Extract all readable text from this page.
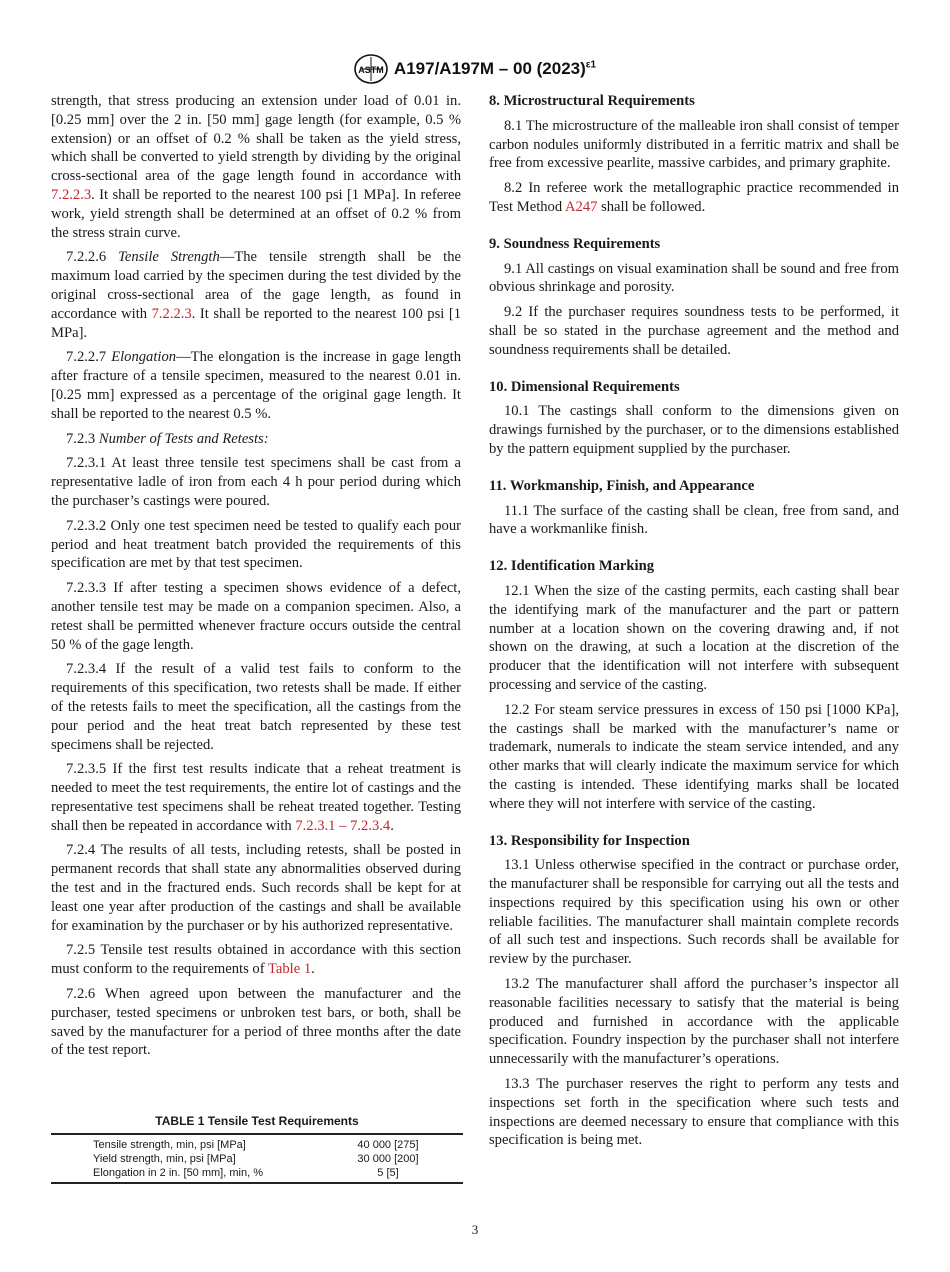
ASTM A197/A197M – 00 $(2023)^{\varepsilon 1}$

strength, that stress producing an extension under load of 0.01 in. [0.25 mm] over the 2 in. [50 mm] gage length (for example, 0.5 % extension) or an offset of 0.2 % shall be taken as the yield stress, which shall be converted to yield strength by dividing by the original cross-sectional area of the gage length found in accordance with 7.2.2.3. It shall be reported to the nearest 100 psi [1 MPa]. In referee work, yield strength shall be determined at an offset of 0.2 % from the stress strain curve.

7.2.2.6 Tensile Strength—The tensile strength shall be the maximum load carried by the specimen during the test divided by the original cross-sectional area of the gage length, as found in accordance with 7.2.2.3. It shall be reported to the nearest 100 psi [1 MPa].

7.2.2.7 Elongation—The elongation is the increase in gage length after fracture of a tensile specimen, measured to the nearest 0.01 in. [0.25 mm] expressed as a percentage of the original gage length. It shall be reported to the nearest 0.5 %.

7.2.3 Number of Tests and Retests:

7.2.3.1 At least three tensile test specimens shall be cast from a representative ladle of iron from each 4 h pour period during which the purchaser’s castings were poured.

7.2.3.2 Only one test specimen need be tested to qualify each pour period and heat treatment batch provided the requirements of this specification are met by that test specimen.

7.2.3.3 If after testing a specimen shows evidence of a defect, another tensile test may be made on a companion specimen. Also, a retest shall be permitted whenever fracture occurs outside the central 50 % of the gage length.

7.2.3.4 If the result of a valid test fails to conform to the requirements of this specification, two retests shall be made. If either of the retests fails to meet the specification, all the castings from the pour period and the heat treat batch represented by these test specimens shall be rejected.

7.2.3.5 If the first test results indicate that a reheat treatment is needed to meet the test requirements, the entire lot of castings and the representative test specimens shall be reheat treated together. Testing shall then be repeated in accordance with 7.2.3.1 – 7.2.3.4.

7.2.4 The results of all tests, including retests, shall be posted in permanent records that shall state any abnormalities observed during the test and in the fractured ends. Such records shall be kept for at least one year after production of the castings and shall be available for examination by the purchaser or by his authorized representative.

7.2.5 Tensile test results obtained in accordance with this section must conform to the requirements of Table 1.

7.2.6 When agreed upon between the manufacturer and the purchaser, tested specimens or unbroken test bars, or both, shall be saved by the manufacturer for a period of three months after the date of the test report.

TABLE 1 Tensile Test Requirements
Tensile strength, min, psi [MPa]	40 000 [275]
Yield strength, min, psi [MPa]	30 000 [200]
Elongation in 2 in. [50 mm], min, %	5 [5]
8. Microstructural Requirements

8.1 The microstructure of the malleable iron shall consist of temper carbon nodules uniformly distributed in a ferritic matrix and shall be free from excessive pearlite, massive carbides, and primary graphite.

8.2 In referee work the metallographic practice recommended in Test Method A247 shall be followed.

9. Soundness Requirements

9.1 All castings on visual examination shall be sound and free from obvious shrinkage and porosity.

9.2 If the purchaser requires soundness tests to be performed, it shall be so stated in the purchase agreement and the method and soundness requirements shall be detailed.

10. Dimensional Requirements

10.1 The castings shall conform to the dimensions given on drawings furnished by the purchaser, or to the dimensions established by the pattern equipment supplied by the purchaser.

11. Workmanship, Finish, and Appearance

11.1 The surface of the casting shall be clean, free from sand, and have a workmanlike finish.

12. Identification Marking

12.1 When the size of the casting permits, each casting shall bear the identifying mark of the manufacturer and the part or pattern number at a location shown on the covering drawing and, if not shown on the drawing, at such a location at the discretion of the producer that the identification will not interfere with subsequent processing and service of the casting.

12.2 For steam service pressures in excess of 150 psi [1000 KPa], the castings shall be marked with the manufacturer’s name or trademark, numerals to indicate the steam service intended, and any other marks that will clearly indicate the maximum service for which the casting is intended. These identifying marks shall be located where they will not interfere with service of the casting.

13. Responsibility for Inspection

13.1 Unless otherwise specified in the contract or purchase order, the manufacturer shall be responsible for carrying out all the tests and inspections required by this specification using his own or other reliable facilities. The manufacturer shall maintain complete records of all such test and inspections. Such records shall be available for review by the purchaser.

13.2 The manufacturer shall afford the purchaser’s inspector all reasonable facilities necessary to satisfy that the material is being produced and furnished in accordance with the applicable specification. Foundry inspection by the purchaser shall not interfere unnecessarily with the manufacturer’s operations.

13.3 The purchaser reserves the right to perform any tests and inspections set forth in the specification where such tests and inspections are deemed necessary to ensure that compliance with this specification is being met.

3
